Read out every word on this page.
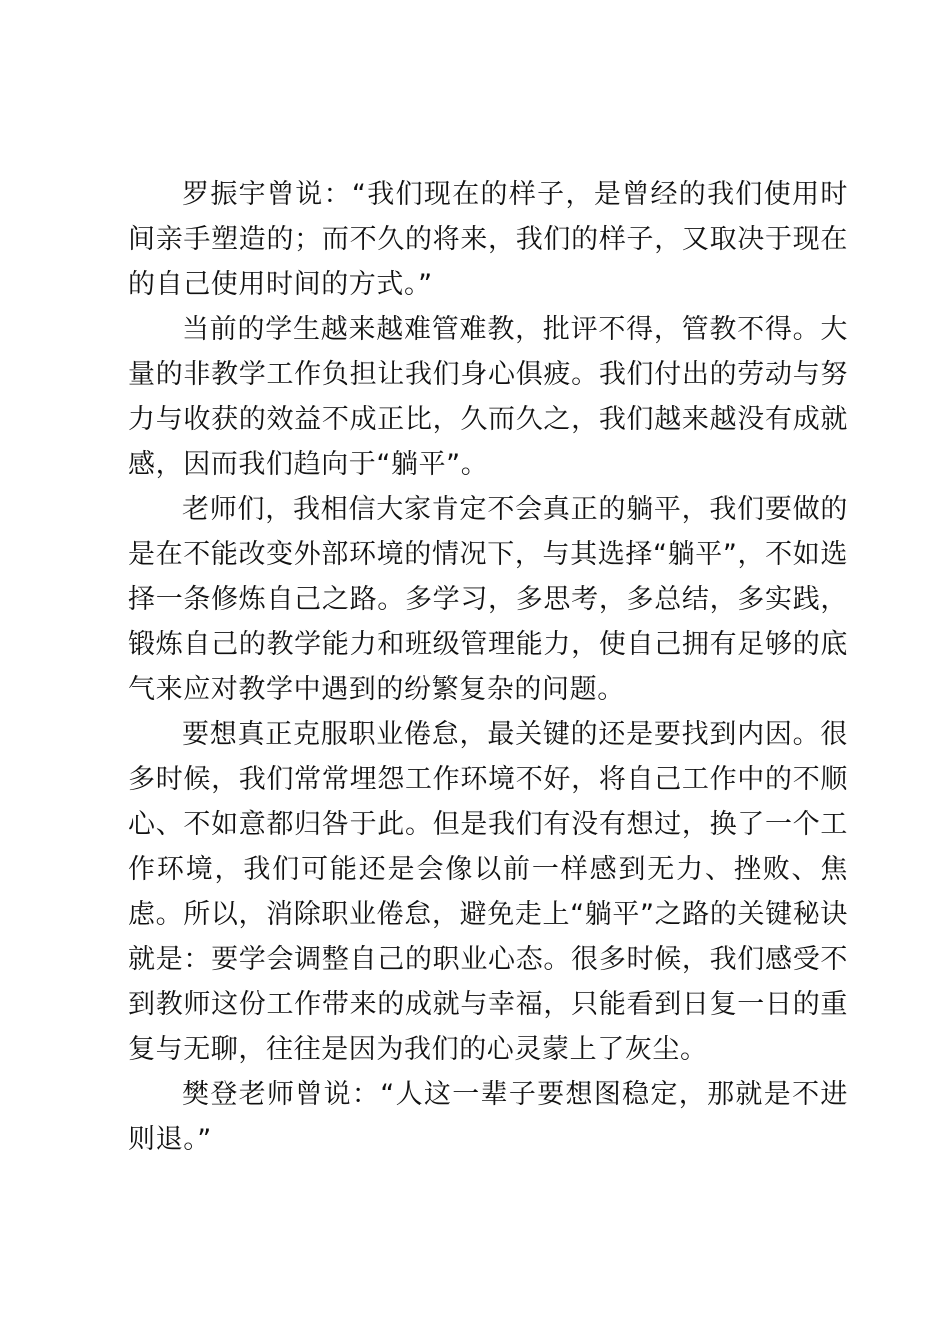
罗振宇曾说：“我们现在的样子，是曾经的我们使用时间亲手塑造的；而不久的将来，我们的样子，又取决于现在的自己使用时间的方式。”

当前的学生越来越难管难教，批评不得，管教不得。大量的非教学工作负担让我们身心俱疲。我们付出的劳动与努力与收获的效益不成正比，久而久之，我们越来越没有成就感，因而我们趋向于“躺平”。

老师们，我相信大家肯定不会真正的躺平，我们要做的是在不能改变外部环境的情况下，与其选择“躺平”，不如选择一条修炼自己之路。多学习，多思考，多总结，多实践，锻炼自己的教学能力和班级管理能力，使自己拥有足够的底气来应对教学中遇到的纷繁复杂的问题。

要想真正克服职业倦怠，最关键的还是要找到内因。很多时候，我们常常埋怨工作环境不好，将自己工作中的不顺心、不如意都归咎于此。但是我们有没有想过，换了一个工作环境，我们可能还是会像以前一样感到无力、挫败、焦虑。所以，消除职业倦怠，避免走上“躺平”之路的关键秘诀就是：要学会调整自己的职业心态。很多时候，我们感受不到教师这份工作带来的成就与幸福，只能看到日复一日的重复与无聊，往往是因为我们的心灵蒙上了灰尘。

樊登老师曾说：“人这一辈子要想图稳定，那就是不进则退。”
